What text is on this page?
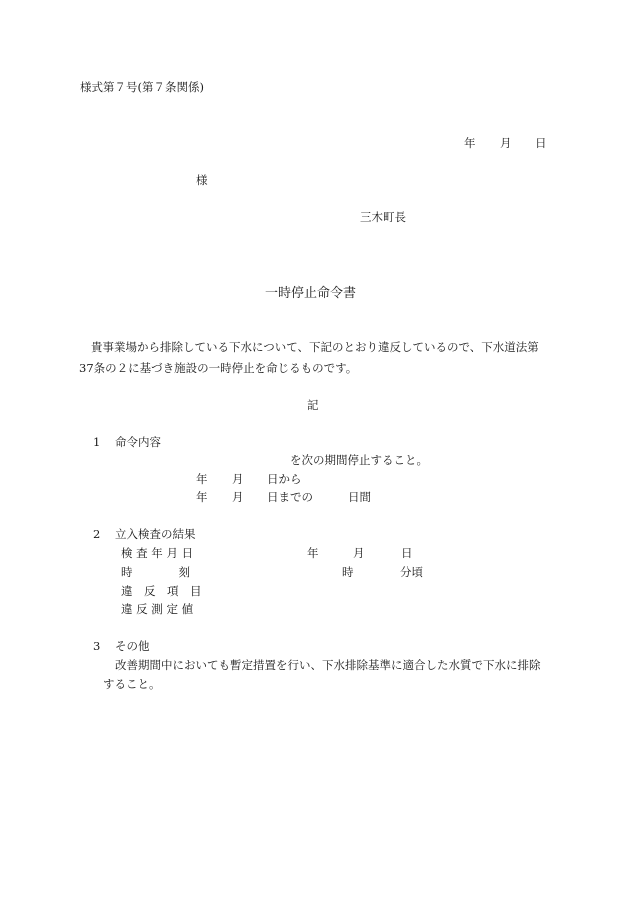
様式第７号(第７条関係)
年 月 日
様
三木町長
一時停止命令書
貴事業場から排除している下水について、下記のとおり違反しているので、下水道法第
37条の２に基づき施設の一時停止を命じるものです。
記
1 命令内容
を次の期間停止すること。
年 月 日から
年 月 日までの	日間
2 立入検査の結果
検 査 年 月 日	年	月	日
時　　　　刻	時	分頃
違　反　項　目
違 反 測 定 値
3 その他
改善期間中においても暫定措置を行い、下水排除基準に適合した水質で下水に排除
すること。
